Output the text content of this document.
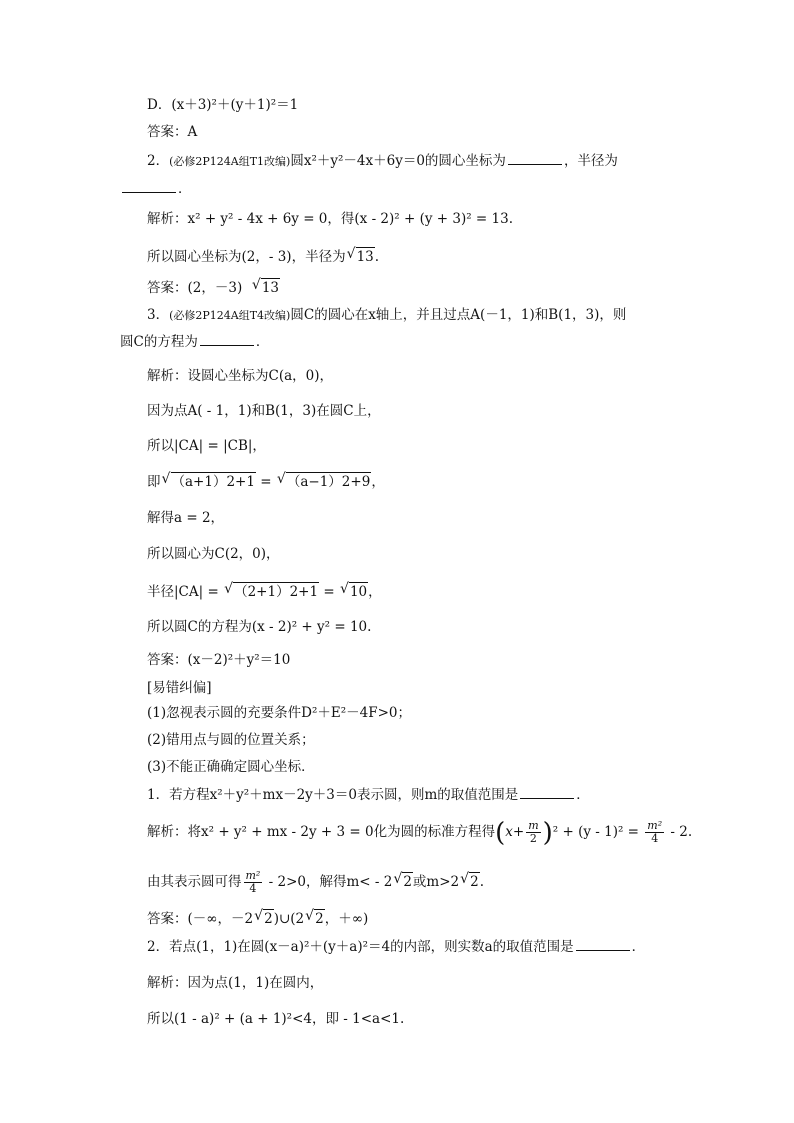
D．(x＋3)²＋(y＋1)²＝1
答案：A
2．(必修2P124A组T1改编)圆x²＋y²－4x＋6y＝0的圆心坐标为	，半径为
．
解析：x² + y² - 4x + 6y = 0，得(x - 2)² + (y + 3)² = 13.
所以圆心坐标为(2，- 3)，半径为 √ 13.
答案：(2，－3) √ 13
3．(必修2P124A组T4改编)圆C的圆心在x轴上，并且过点A(－1，1)和B(1，3)，则
圆C的方程为	．
解析：设圆心坐标为C(a，0)，
因为点A( - 1，1)和B(1，3)在圆C上，
所以|CA| = |CB|，
即 √ （a+1）2+1 = √ （a−1）2+9，
解得a = 2，
所以圆心为C(2，0)，
半径|CA| = √ （2+1）2+1 = √ 10，
所以圆C的方程为(x - 2)² + y² = 10.
答案：(x－2)²＋y²＝10
[易错纠偏]
(1)忽视表示圆的充要条件D²＋E²－4F>0；
(2)错用点与圆的位置关系；
(3)不能正确确定圆心坐标．
1．若方程x²＋y²＋mx－2y＋3＝0表示圆，则m的取值范围是	．
解析：将x² + y² + mx - 2y + 3 = 0化为圆的标准方程得$(x+ \frac{m}{2} )^2 + (y - 1)^2 = \frac{\text{m²}}{4} - 2$.
由其表示圆可得 $\frac{\text{m²}}{4} - 2>0$，解得m< - 2 √ 2或m>2 √ 2.
答案：(－∞，－2 √ 2)∪(2 √ 2，＋∞)
2．若点(1，1)在圆(x－a)²＋(y＋a)²＝4的内部，则实数a的取值范围是	．
解析：因为点(1，1)在圆内，
所以(1 - a)² + (a + 1)²<4，即 - 1<a<1.
